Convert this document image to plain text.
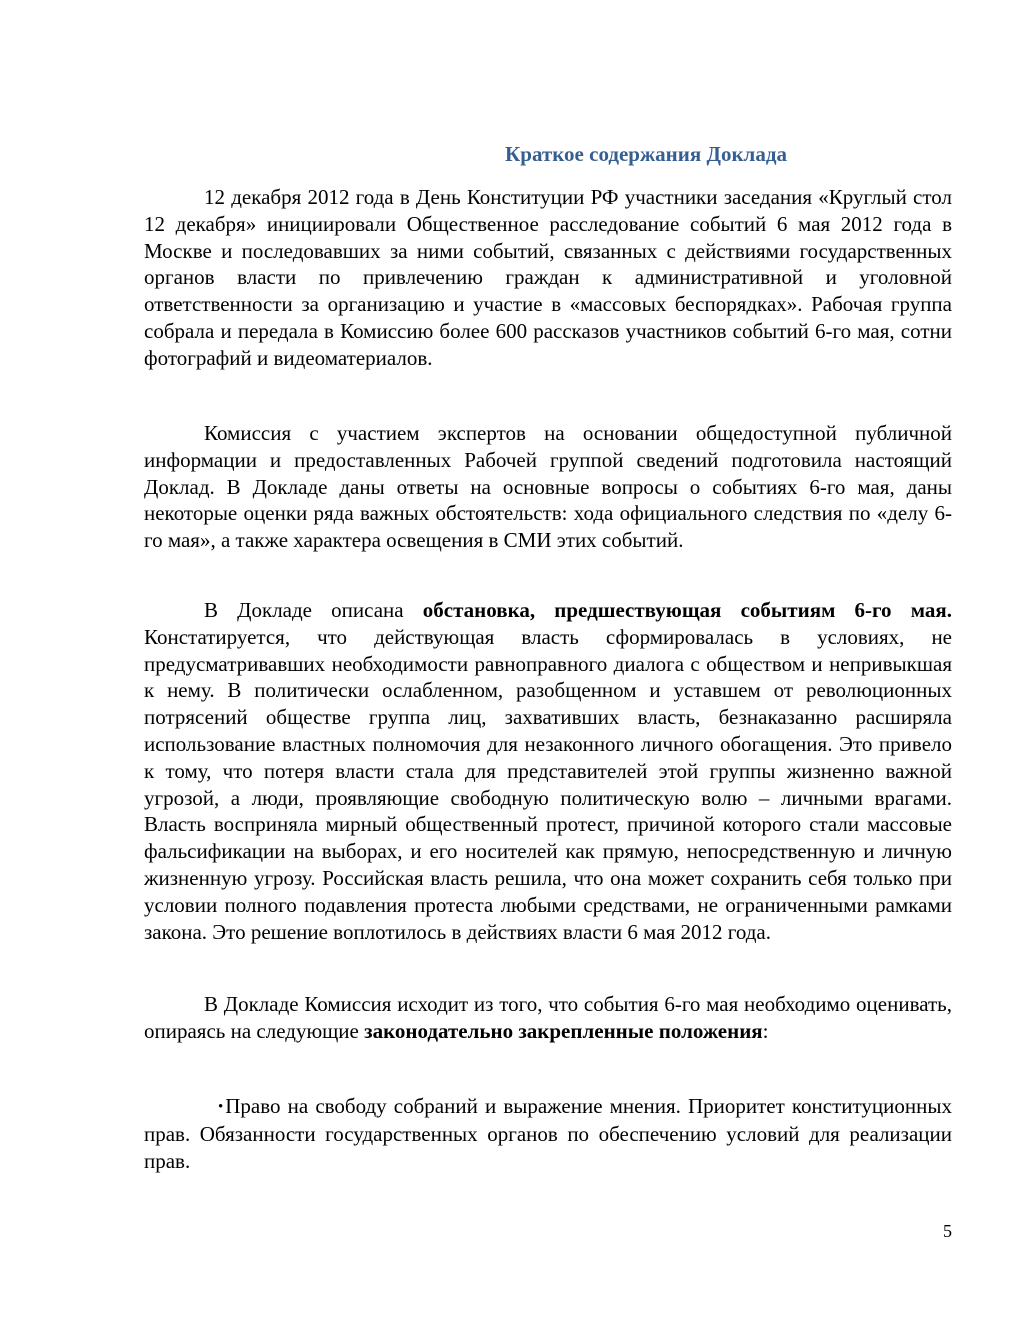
Краткое содержания Доклада

12 декабря 2012 года в День Конституции РФ участники заседания «Круглый стол 12 декабря» инициировали Общественное расследование событий 6 мая 2012 года в Москве и последовавших за ними событий, связанных с действиями государственных органов власти по привлечению граждан к административной и уголовной ответственности за организацию и участие в «массовых беспорядках». Рабочая группа собрала и передала в Комиссию более 600 рассказов участников событий 6-го мая, сотни фотографий и видеоматериалов.

Комиссия с участием экспертов на основании общедоступной публичной информации и предоставленных Рабочей группой сведений подготовила настоящий Доклад. В Докладе даны ответы на основные вопросы о событиях 6-го мая, даны некоторые оценки ряда важных обстоятельств: хода официального следствия по «делу 6-го мая», а также характера освещения в СМИ этих событий.

В Докладе описана обстановка, предшествующая событиям 6-го мая. Констатируется, что действующая власть сформировалась в условиях, не предусматривавших необходимости равноправного диалога с обществом и непривыкшая к нему. В политически ослабленном, разобщенном и уставшем от революционных потрясений обществе группа лиц, захвативших власть, безнаказанно расширяла использование властных полномочия для незаконного личного обогащения. Это привело к тому, что потеря власти стала для представителей этой группы жизненно важной угрозой, а люди, проявляющие свободную политическую волю – личными врагами. Власть восприняла мирный общественный протест, причиной которого стали массовые фальсификации на выборах, и его носителей как прямую, непосредственную и личную жизненную угрозу. Российская власть решила, что она может сохранить себя только при условии полного подавления протеста любыми средствами, не ограниченными рамками закона. Это решение воплотилось в действиях власти 6 мая 2012 года.

В Докладе Комиссия исходит из того, что события 6-го мая необходимо оценивать, опираясь на следующие законодательно закрепленные положения:

•Право на свободу собраний и выражение мнения. Приоритет конституционных прав. Обязанности государственных органов по обеспечению условий для реализации прав.

5
